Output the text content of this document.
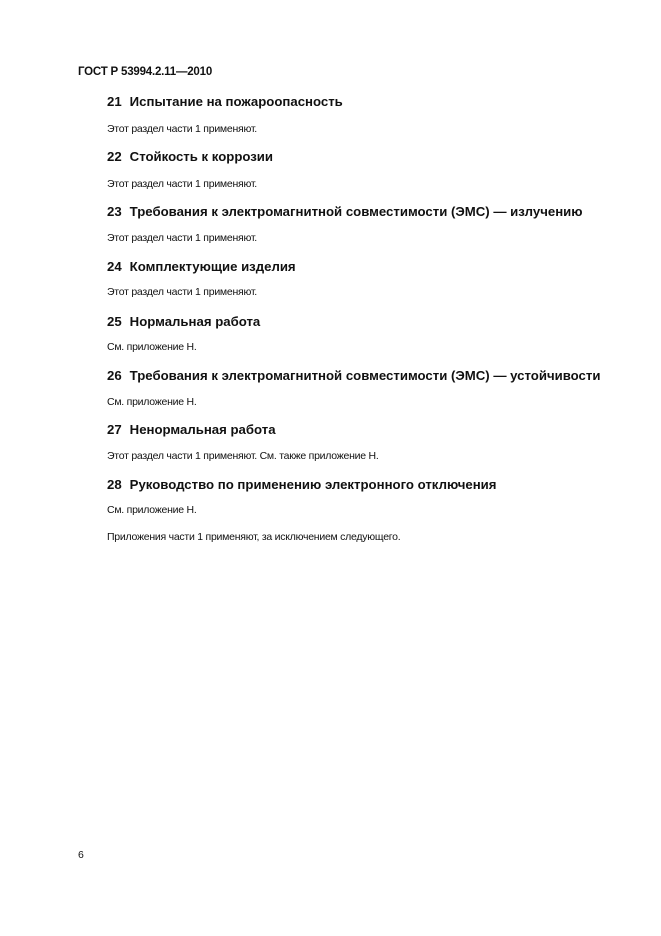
ГОСТ Р 53994.2.11—2010
21 Испытание на пожароопасность
Этот раздел части 1 применяют.
22 Стойкость к коррозии
Этот раздел части 1 применяют.
23 Требования к электромагнитной совместимости (ЭМС) — излучению
Этот раздел части 1 применяют.
24 Комплектующие изделия
Этот раздел части 1 применяют.
25 Нормальная работа
См. приложение Н.
26 Требования к электромагнитной совместимости (ЭМС) — устойчивости
См. приложение Н.
27 Ненормальная работа
Этот раздел части 1 применяют. См. также приложение Н.
28 Руководство по применению электронного отключения
См. приложение Н.
Приложения части 1 применяют, за исключением следующего.
6
